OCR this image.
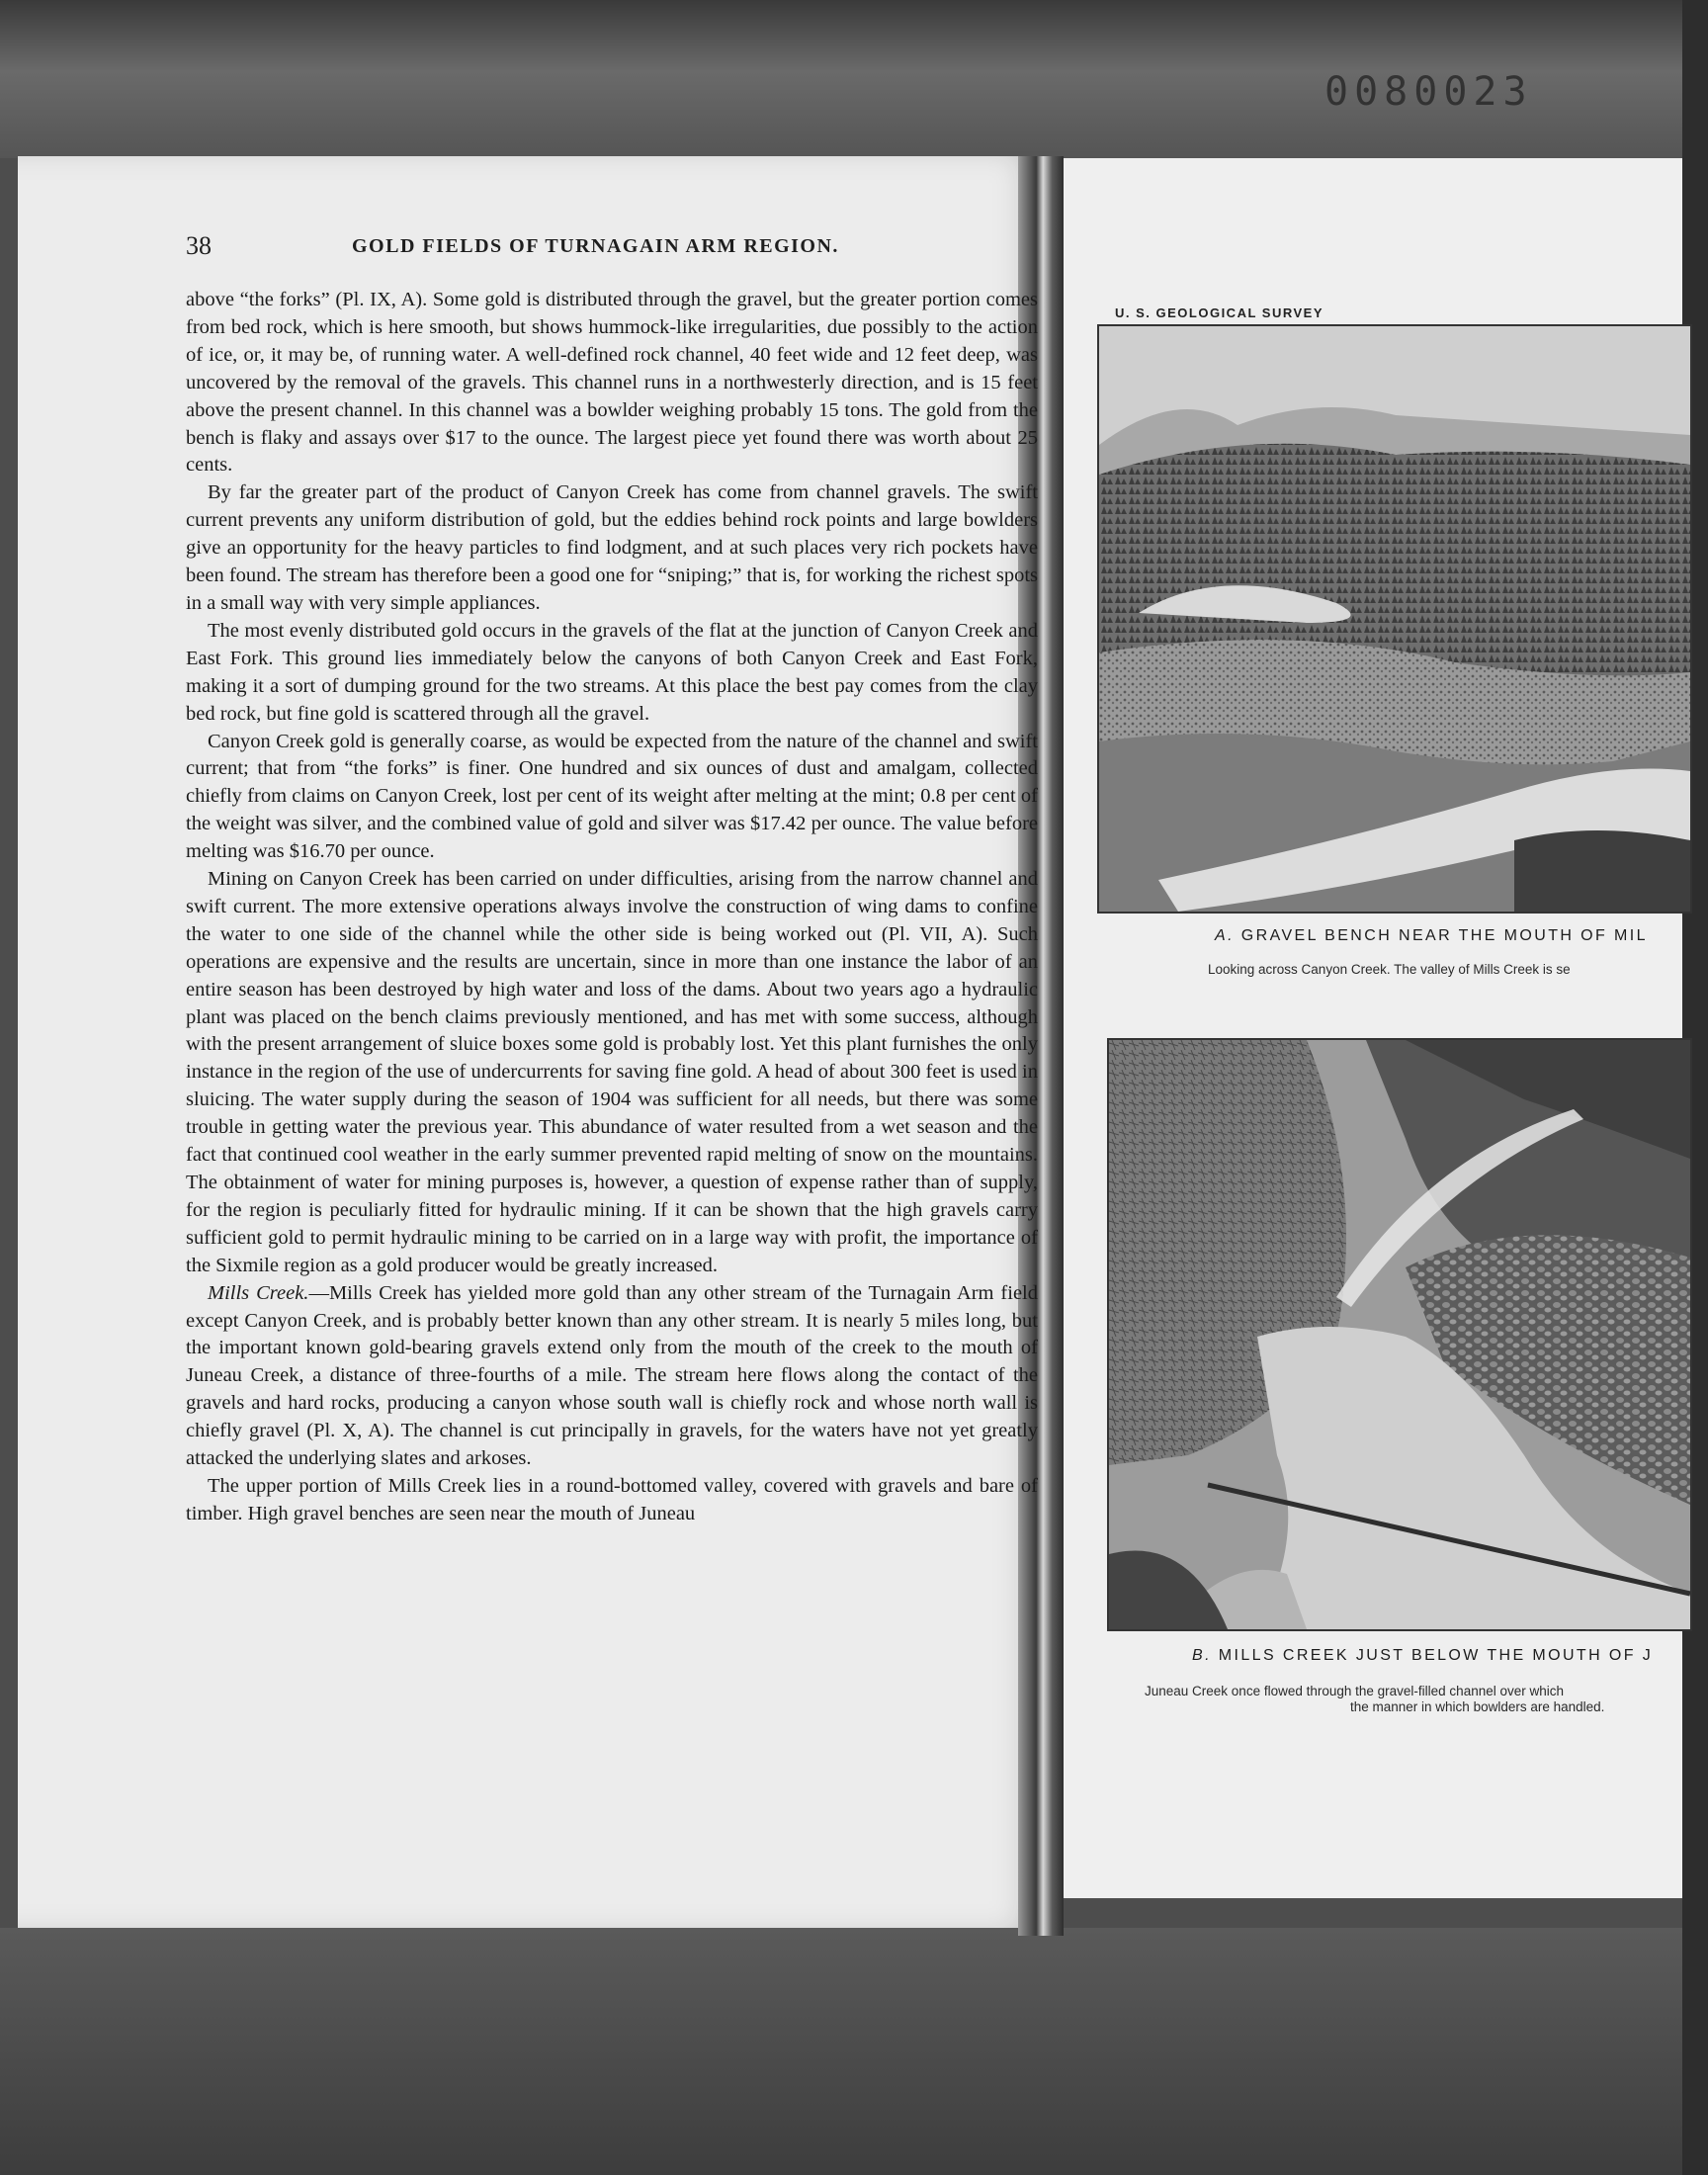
0080023
38	GOLD FIELDS OF TURNAGAIN ARM REGION.

above “the forks” (Pl. IX, A). Some gold is distributed through the gravel, but the greater portion comes from bed rock, which is here smooth, but shows hummock-like irregularities, due possibly to the action of ice, or, it may be, of running water. A well-defined rock channel, 40 feet wide and 12 feet deep, was uncovered by the removal of the gravels. This channel runs in a northwesterly direction, and is 15 feet above the present channel. In this channel was a bowlder weighing probably 15 tons. The gold from the bench is flaky and assays over $17 to the ounce. The largest piece yet found there was worth about 25 cents.

By far the greater part of the product of Canyon Creek has come from channel gravels. The swift current prevents any uniform distribution of gold, but the eddies behind rock points and large bowlders give an opportunity for the heavy particles to find lodgment, and at such places very rich pockets have been found. The stream has therefore been a good one for “sniping;” that is, for working the richest spots in a small way with very simple appliances.

The most evenly distributed gold occurs in the gravels of the flat at the junction of Canyon Creek and East Fork. This ground lies immediately below the canyons of both Canyon Creek and East Fork, making it a sort of dumping ground for the two streams. At this place the best pay comes from the clay bed rock, but fine gold is scattered through all the gravel.

Canyon Creek gold is generally coarse, as would be expected from the nature of the channel and swift current; that from “the forks” is finer. One hundred and six ounces of dust and amalgam, collected chiefly from claims on Canyon Creek, lost per cent of its weight after melting at the mint; 0.8 per cent of the weight was silver, and the combined value of gold and silver was $17.42 per ounce. The value before melting was $16.70 per ounce.

Mining on Canyon Creek has been carried on under difficulties, arising from the narrow channel and swift current. The more extensive operations always involve the construction of wing dams to confine the water to one side of the channel while the other side is being worked out (Pl. VII, A). Such operations are expensive and the results are uncertain, since in more than one instance the labor of an entire season has been destroyed by high water and loss of the dams. About two years ago a hydraulic plant was placed on the bench claims previously mentioned, and has met with some success, although with the present arrangement of sluice boxes some gold is probably lost. Yet this plant furnishes the only instance in the region of the use of undercurrents for saving fine gold. A head of about 300 feet is used in sluicing. The water supply during the season of 1904 was sufficient for all needs, but there was some trouble in getting water the previous year. This abundance of water resulted from a wet season and the fact that continued cool weather in the early summer prevented rapid melting of snow on the mountains. The obtainment of water for mining purposes is, however, a question of expense rather than of supply, for the region is peculiarly fitted for hydraulic mining. If it can be shown that the high gravels carry sufficient gold to permit hydraulic mining to be carried on in a large way with profit, the importance of the Sixmile region as a gold producer would be greatly increased.

Mills Creek.—Mills Creek has yielded more gold than any other stream of the Turnagain Arm field except Canyon Creek, and is probably better known than any other stream. It is nearly 5 miles long, but the important known gold-bearing gravels extend only from the mouth of the creek to the mouth of Juneau Creek, a distance of three-fourths of a mile. The stream here flows along the contact of the gravels and hard rocks, producing a canyon whose south wall is chiefly rock and whose north wall is chiefly gravel (Pl. X, A). The channel is cut principally in gravels, for the waters have not yet greatly attacked the underlying slates and arkoses.

The upper portion of Mills Creek lies in a round-bottomed valley, covered with gravels and bare of timber. High gravel benches are seen near the mouth of Juneau

U. S. GEOLOGICAL SURVEY
A. GRAVEL BENCH NEAR THE MOUTH OF MIL
Looking across Canyon Creek. The valley of Mills Creek is se
B. MILLS CREEK JUST BELOW THE MOUTH OF J
Juneau Creek once flowed through the gravel-filled channel over which
the manner in which bowlders are handled.
